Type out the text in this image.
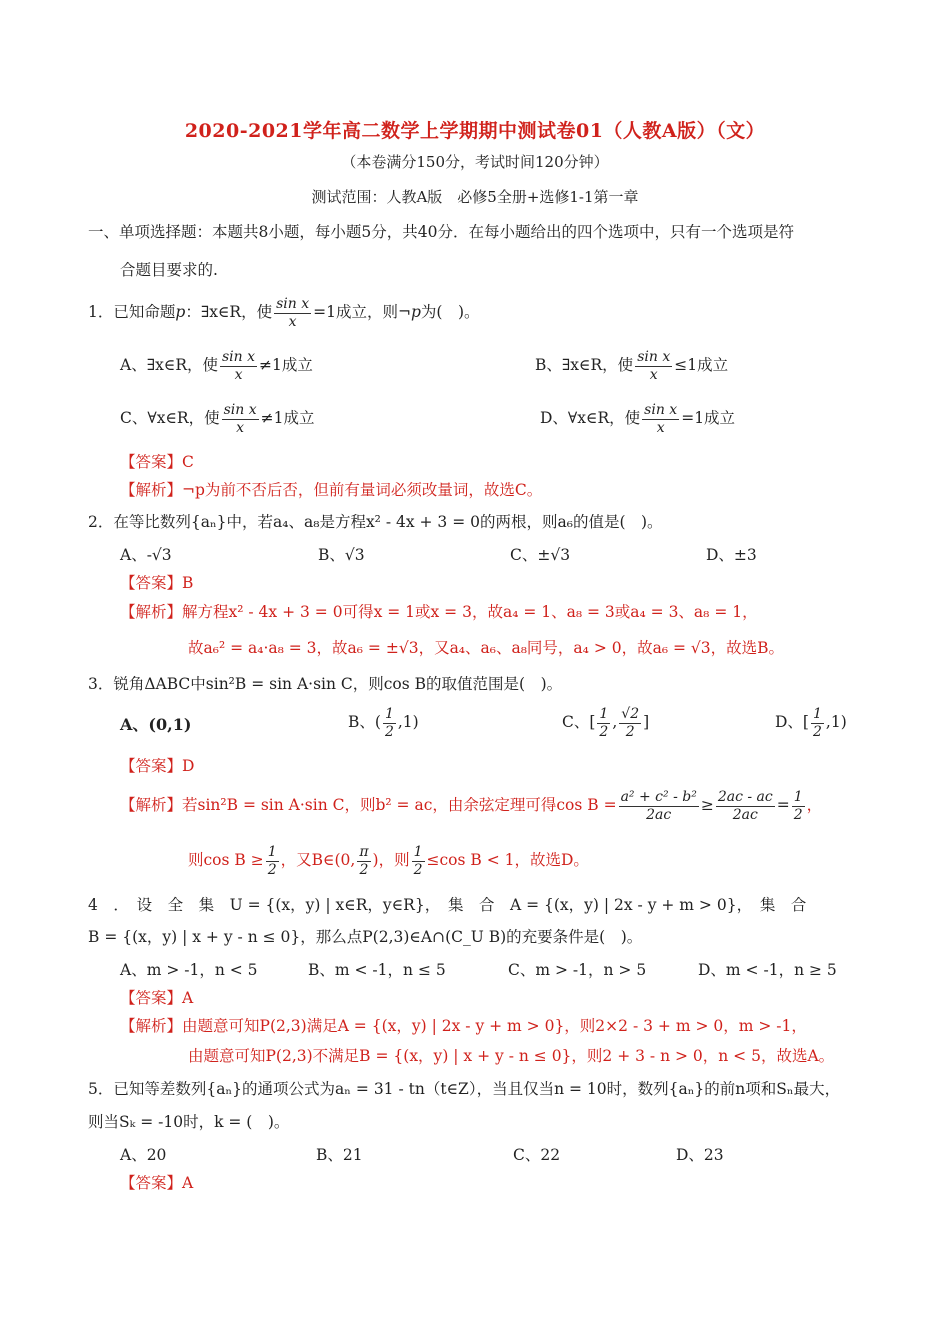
2020-2021学年高二数学上学期期中测试卷01（人教A版）（文）
（本卷满分150分，考试时间120分钟）
测试范围：人教A版　必修5全册+选修1-1第一章
一、单项选择题：本题共8小题，每小题5分，共40分．在每小题给出的四个选项中，只有一个选项是符
合题目要求的.
1．已知命题p：∃x∈R，使 $\frac{\text{sin x}}{x} =1$成立，则¬p为(　)。
A、∃x∈R，使 $\frac{\text{sin x}}{x} \ne 1$成立	B、∃x∈R，使 $\frac{\text{sin x}}{x} \le 1$成立
C、∀x∈R，使 $\frac{\text{sin x}}{x} \ne 1$成立	D、∀x∈R，使 $\frac{\text{sin x}}{x} =1$成立
【答案】C
【解析】¬p为前不否后否，但前有量词必须改量词，故选C。
2．在等比数列{aₙ}中，若a₄、a₈是方程x² - 4x + 3 = 0的两根，则a₆的值是(　)。
A、-√3	B、√3	C、±√3	D、±3
【答案】B
【解析】解方程x² - 4x + 3 = 0可得x = 1或x = 3，故a₄ = 1、a₈ = 3或a₄ = 3、a₈ = 1，
故a₆² = a₄·a₈ = 3，故a₆ = ±√3，又a₄、a₆、a₈同号，a₄ > 0，故a₆ = √3，故选B。
3．锐角ΔABC中sin²B = sin A·sin C，则cos B的取值范围是(　)。
A、(0,1)	B、( $\frac{1}{2} ,1$)	C、[ $\frac{1}{2}$ , $\frac{√2}{2}$ ]	D、[ $\frac{1}{2} ,1$)
【答案】D
【解析】若sin²B = sin A·sin C，则b² = ac，由余弦定理可得$\cos B = \frac{\text{a² + c² - b²}}{2ac} \ge \frac{2ac - ac}{2ac} = \frac{1}{2}$ ，
则$\cos B \ge \frac{1}{2}$ ，又B∈(0, $\frac{\pi}{2}$ )，则 $\frac{1}{2} \le\cos$ B < 1，故选D。
4　．　设　全　集　U = {(x，y) | x∈R，y∈R}，　集　合　A = {(x，y) | 2x - y + m > 0}，　集　合
B = {(x，y) | x + y - n ≤ 0}，那么点P(2,3)∈A∩(C_U B)的充要条件是(　)。
A、m > -1，n < 5	B、m < -1，n ≤ 5	C、m > -1，n > 5	D、m < -1，n ≥ 5
【答案】A
【解析】由题意可知P(2,3)满足A = {(x，y) | 2x - y + m > 0}，则2×2 - 3 + m > 0，m > -1，
由题意可知P(2,3)不满足B = {(x，y) | x + y - n ≤ 0}，则2 + 3 - n > 0，n < 5，故选A。
5．已知等差数列{aₙ}的通项公式为aₙ = 31 - tn（t∈Z），当且仅当n = 10时，数列{aₙ}的前n项和Sₙ最大，
则当Sₖ = -10时，k = (　)。
A、20	B、21	C、22	D、23
【答案】A
